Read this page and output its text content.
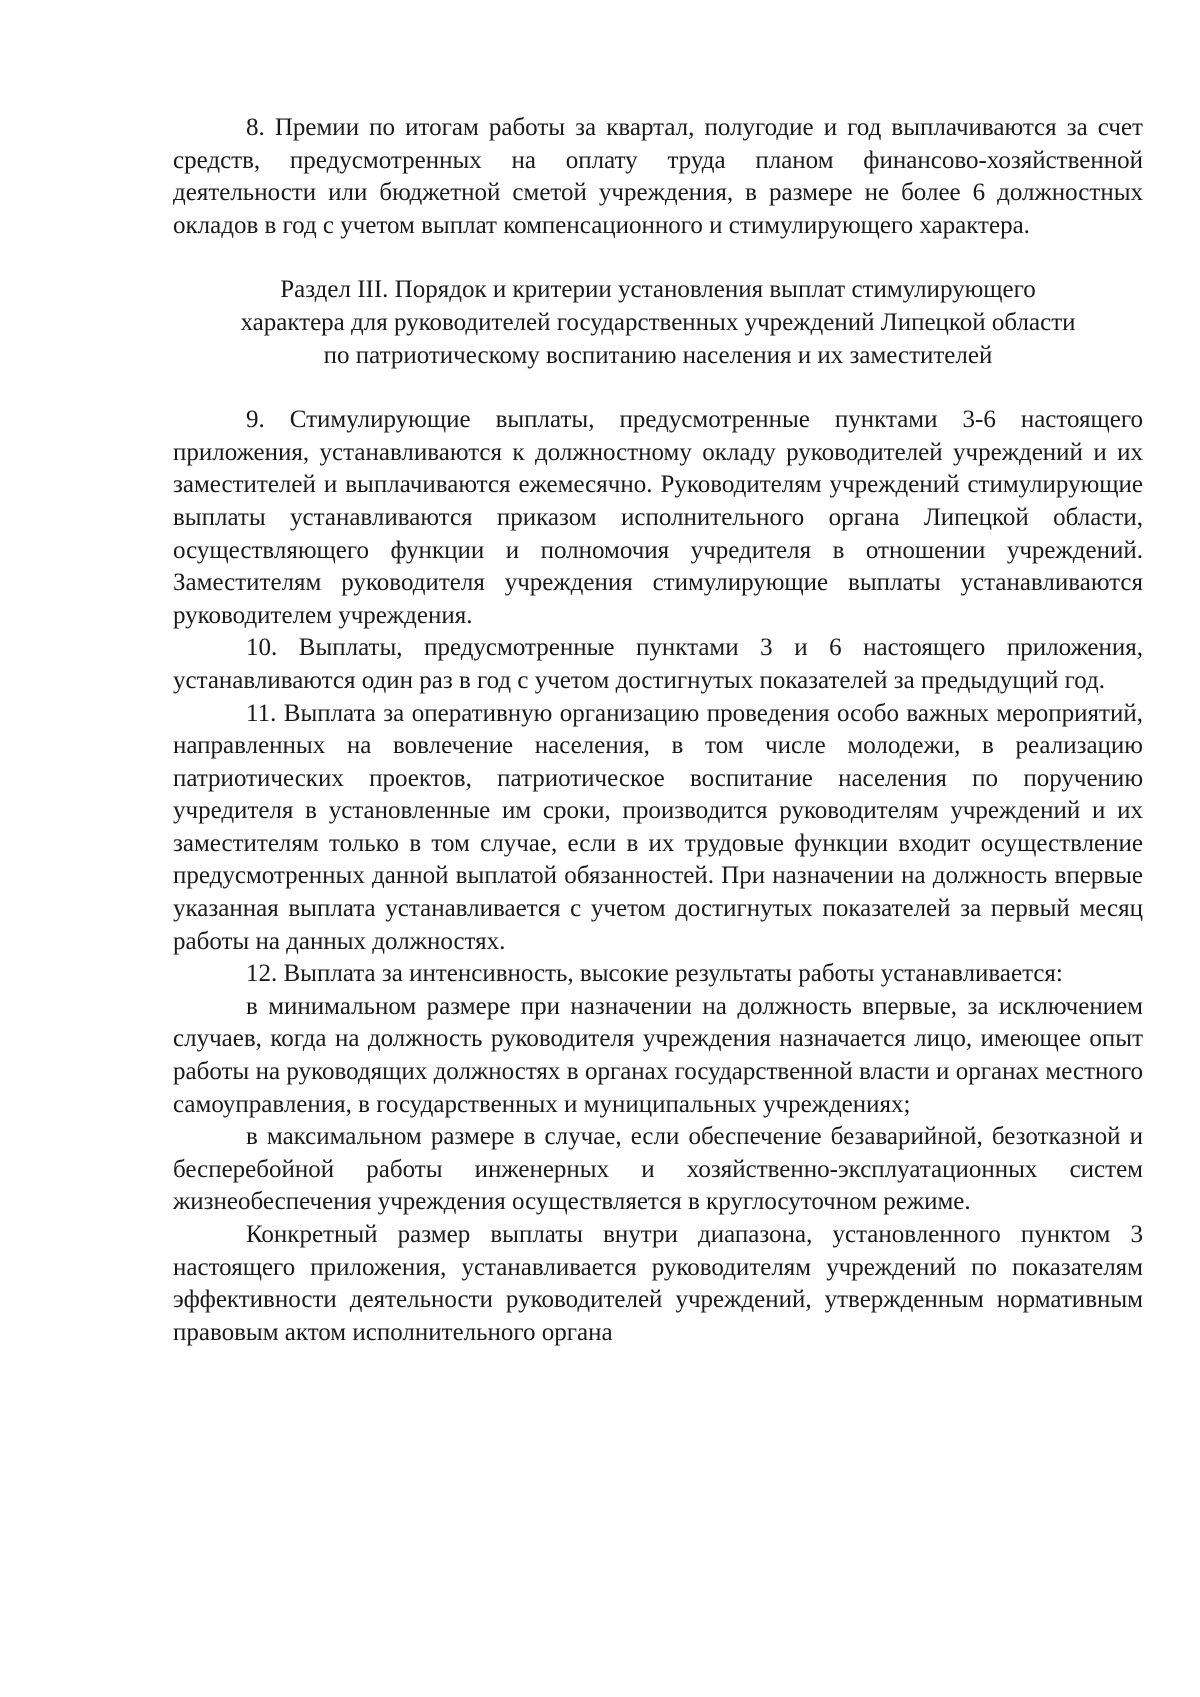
8. Премии по итогам работы за квартал, полугодие и год выплачиваются за счет средств, предусмотренных на оплату труда планом финансово-хозяйственной деятельности или бюджетной сметой учреждения, в размере не более 6 должностных окладов в год с учетом выплат компенсационного и стимулирующего характера.

Раздел III. Порядок и критерии установления выплат стимулирующего
характера для руководителей государственных учреждений Липецкой области
по патриотическому воспитанию населения и их заместителей

9. Стимулирующие выплаты, предусмотренные пунктами 3-6 настоящего приложения, устанавливаются к должностному окладу руководителей учреждений и их заместителей и выплачиваются ежемесячно. Руководителям учреждений стимулирующие выплаты устанавливаются приказом исполнительного органа Липецкой области, осуществляющего функции и полномочия учредителя в отношении учреждений. Заместителям руководителя учреждения стимулирующие выплаты устанавливаются руководителем учреждения.

10. Выплаты, предусмотренные пунктами 3 и 6 настоящего приложения, устанавливаются один раз в год с учетом достигнутых показателей за предыдущий год.

11. Выплата за оперативную организацию проведения особо важных мероприятий, направленных на вовлечение населения, в том числе молодежи, в реализацию патриотических проектов, патриотическое воспитание населения по поручению учредителя в установленные им сроки, производится руководителям учреждений и их заместителям только в том случае, если в их трудовые функции входит осуществление предусмотренных данной выплатой обязанностей. При назначении на должность впервые указанная выплата устанавливается с учетом достигнутых показателей за первый месяц работы на данных должностях.

12. Выплата за интенсивность, высокие результаты работы устанавливается:

в минимальном размере при назначении на должность впервые, за исключением случаев, когда на должность руководителя учреждения назначается лицо, имеющее опыт работы на руководящих должностях в органах государственной власти и органах местного самоуправления, в государственных и муниципальных учреждениях;

в максимальном размере в случае, если обеспечение безаварийной, безотказной и бесперебойной работы инженерных и хозяйственно-эксплуатационных систем жизнеобеспечения учреждения осуществляется в круглосуточном режиме.

Конкретный размер выплаты внутри диапазона, установленного пунктом 3 настоящего приложения, устанавливается руководителям учреждений по показателям эффективности деятельности руководителей учреждений, утвержденным нормативным правовым актом исполнительного органа
